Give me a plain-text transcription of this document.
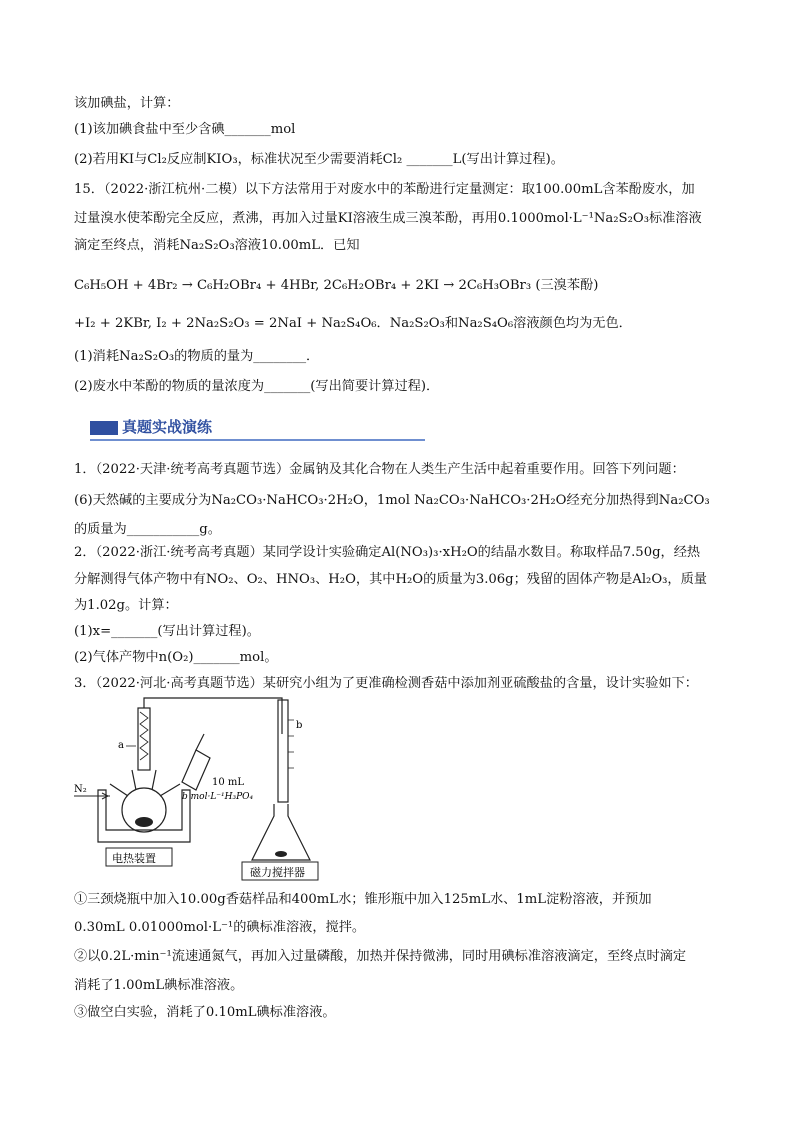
该加碘盐，计算：
(1)该加碘食盐中至少含碘_______mol
(2)若用KI与Cl₂反应制KIO₃，标准状况至少需要消耗Cl₂ _______L(写出计算过程)。
15．（2022·浙江杭州·二模）以下方法常用于对废水中的苯酚进行定量测定：取100.00mL含苯酚废水，加
过量溴水使苯酚完全反应，煮沸，再加入过量KI溶液生成三溴苯酚，再用0.1000mol·L⁻¹Na₂S₂O₃标准溶液
滴定至终点，消耗Na₂S₂O₃溶液10.00mL．已知
C₆H₅OH + 4Br₂ → C₆H₂OBr₄ + 4HBr, 2C₆H₂OBr₄ + 2KI → 2C₆H₃OBr₃ (三溴苯酚)
+I₂ + 2KBr, I₂ + 2Na₂S₂O₃ = 2NaI + Na₂S₄O₆．Na₂S₂O₃和Na₂S₄O₆溶液颜色均为无色．
(1)消耗Na₂S₂O₃的物质的量为________．
(2)废水中苯酚的物质的量浓度为_______(写出简要计算过程)．
真题实战演练
1．（2022·天津·统考高考真题节选）金属钠及其化合物在人类生产生活中起着重要作用。回答下列问题：
(6)天然碱的主要成分为Na₂CO₃·NaHCO₃·2H₂O，1mol Na₂CO₃·NaHCO₃·2H₂O经充分加热得到Na₂CO₃
的质量为___________g。
2．（2022·浙江·统考高考真题）某同学设计实验确定Al(NO₃)₃·xH₂O的结晶水数目。称取样品7.50g，经热
分解测得气体产物中有NO₂、O₂、HNO₃、H₂O，其中H₂O的质量为3.06g；残留的固体产物是Al₂O₃，质量
为1.02g。计算：
(1)x=_______(写出计算过程)。
(2)气体产物中n(O₂)_______mol。
3．（2022·河北·高考真题节选）某研究小组为了更准确检测香菇中添加剂亚硫酸盐的含量，设计实验如下：
a
10 mL
b mol·L⁻¹H₃PO₄
N₂
b
电热装置
磁力搅拌器
①三颈烧瓶中加入10.00g香菇样品和400mL水；锥形瓶中加入125mL水、1mL淀粉溶液，并预加
0.30mL 0.01000mol·L⁻¹的碘标准溶液，搅拌。
②以0.2L·min⁻¹流速通氮气，再加入过量磷酸，加热并保持微沸，同时用碘标准溶液滴定，至终点时滴定
消耗了1.00mL碘标准溶液。
③做空白实验，消耗了0.10mL碘标准溶液。
